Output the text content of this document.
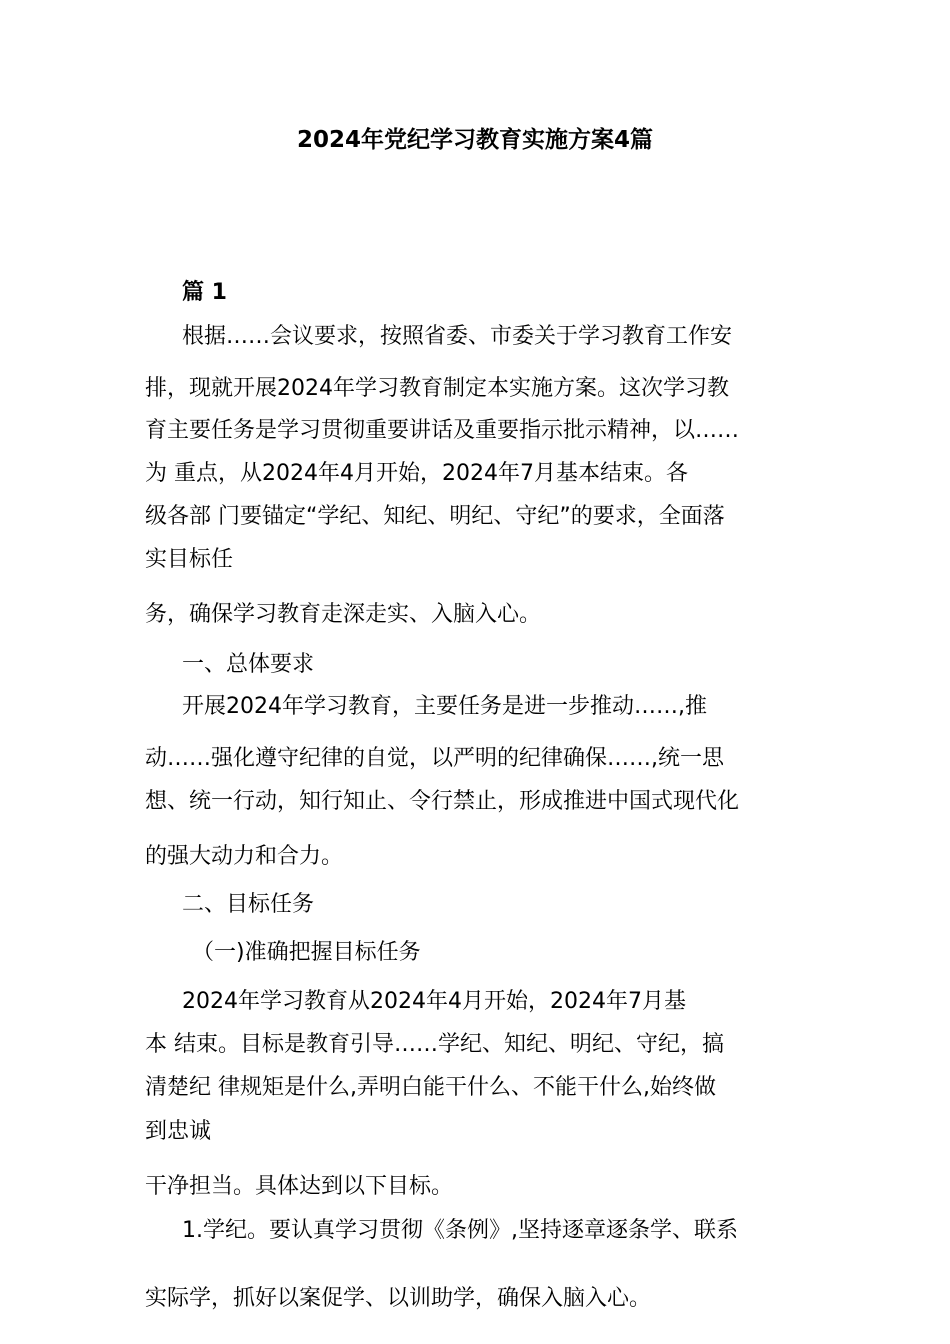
2024年党纪学习教育实施方案4篇
篇 1
根据……会议要求，按照省委、市委关于学习教育工作安
排，现就开展2024年学习教育制定本实施方案。这次学习教
育主要任务是学习贯彻重要讲话及重要指示批示精神，以……
为 重点，从2024年4月开始，2024年7月基本结束。各
级各部 门要锚定“学纪、知纪、明纪、守纪”的要求，全面落
实目标任
务，确保学习教育走深走实、入脑入心。
一、总体要求
开展2024年学习教育，主要任务是进一步推动……,推
动……强化遵守纪律的自觉，以严明的纪律确保……,统一思
想、统一行动，知行知止、令行禁止，形成推进中国式现代化
的强大动力和合力。
二、目标任务
（一)准确把握目标任务
2024年学习教育从2024年4月开始，2024年7月基
本 结束。目标是教育引导……学纪、知纪、明纪、守纪，搞
清楚纪 律规矩是什么,弄明白能干什么、不能干什么,始终做
到忠诚
干净担当。具体达到以下目标。
1.学纪。要认真学习贯彻《条例》,坚持逐章逐条学、联系
实际学，抓好以案促学、以训助学，确保入脑入心。
